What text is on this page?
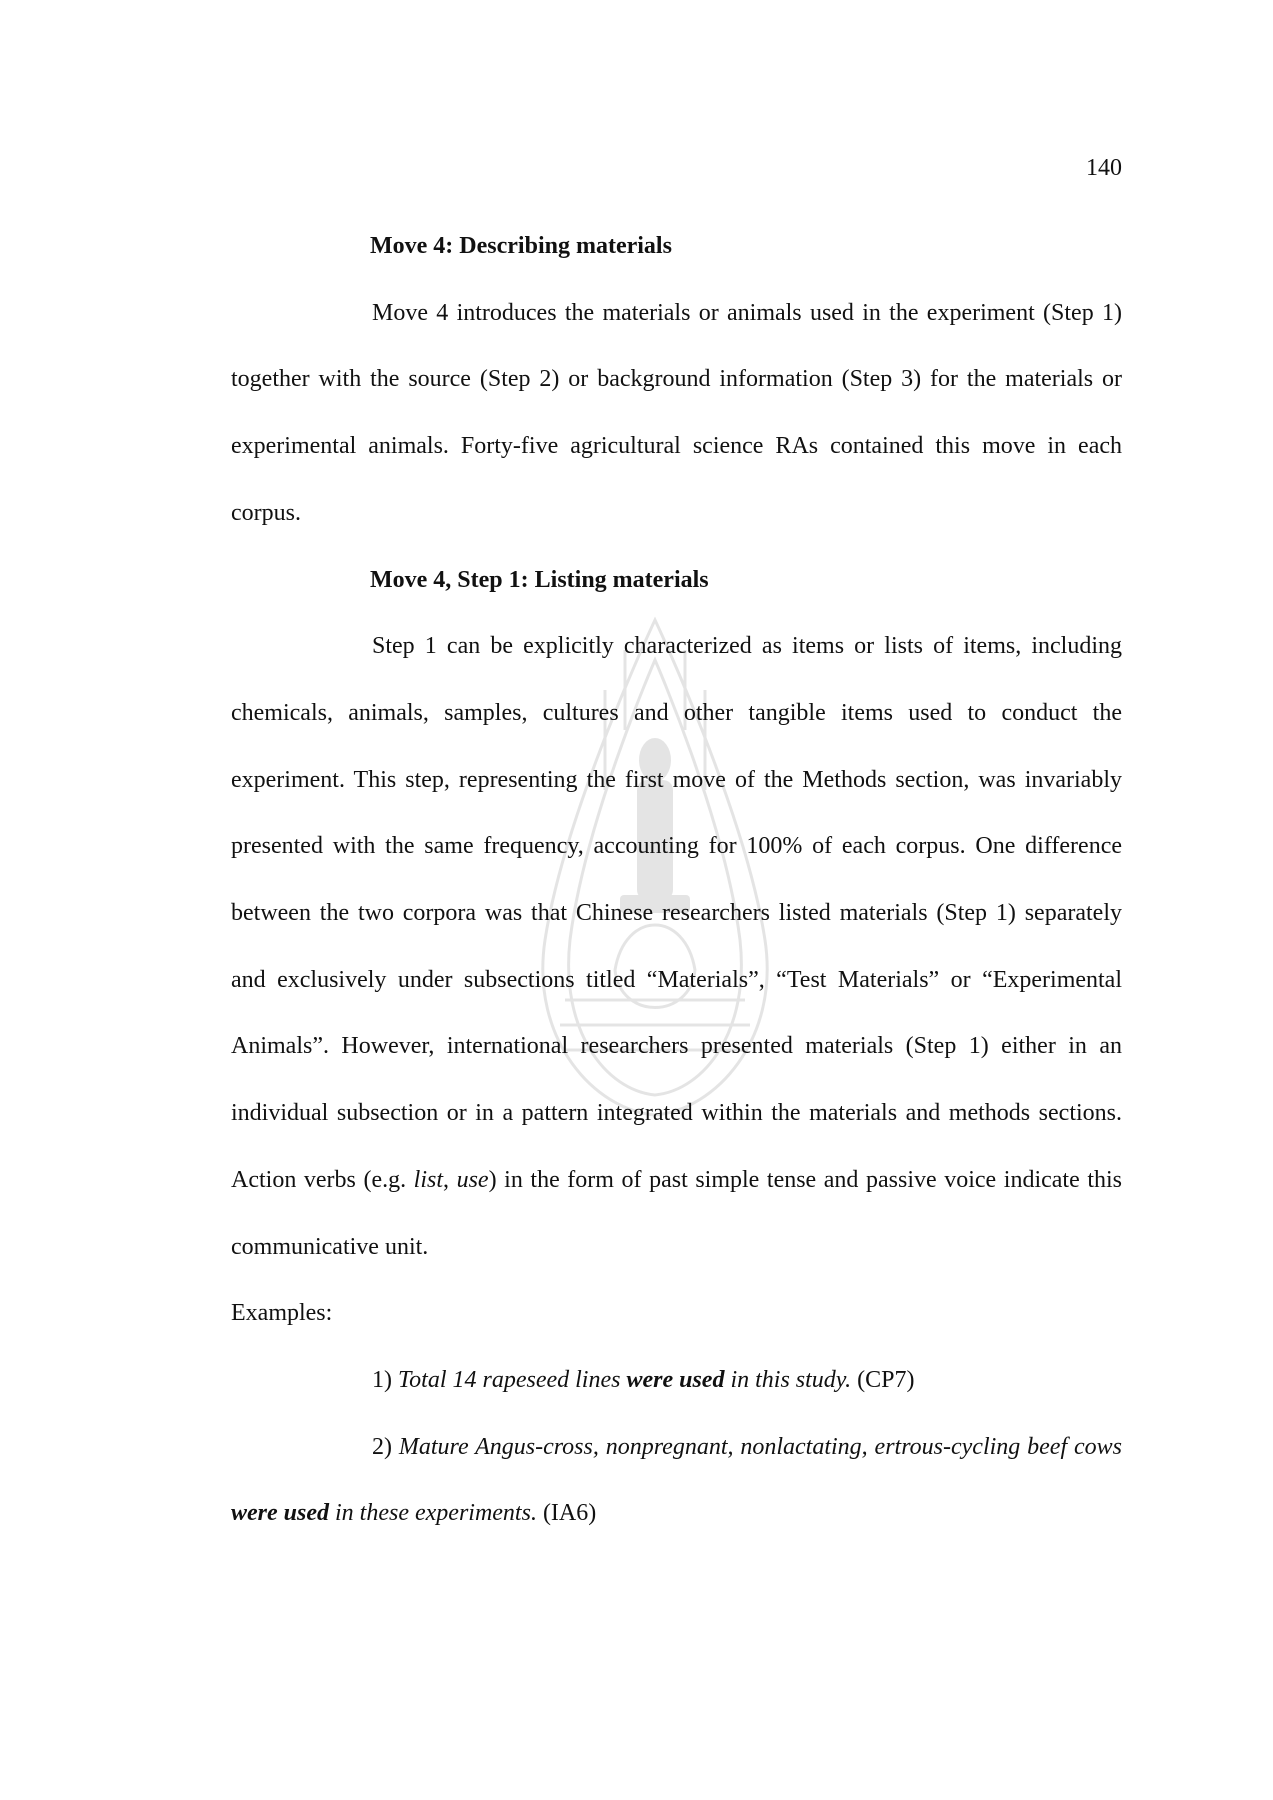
140

Move 4: Describing materials

Move 4 introduces the materials or animals used in the experiment (Step 1) together with the source (Step 2) or background information (Step 3) for the materials or experimental animals. Forty-five agricultural science RAs contained this move in each corpus.

Move 4, Step 1: Listing materials

Step 1 can be explicitly characterized as items or lists of items, including chemicals, animals, samples, cultures and other tangible items used to conduct the experiment. This step, representing the first move of the Methods section, was invariably presented with the same frequency, accounting for 100% of each corpus. One difference between the two corpora was that Chinese researchers listed materials (Step 1) separately and exclusively under subsections titled “Materials”, “Test Materials” or “Experimental Animals”. However, international researchers presented materials (Step 1) either in an individual subsection or in a pattern integrated within the materials and methods sections. Action verbs (e.g. list, use) in the form of past simple tense and passive voice indicate this communicative unit.

Examples:

1) Total 14 rapeseed lines were used in this study. (CP7)

2) Mature Angus-cross, nonpregnant, nonlactating, ertrous-cycling beef cows were used in these experiments. (IA6)
